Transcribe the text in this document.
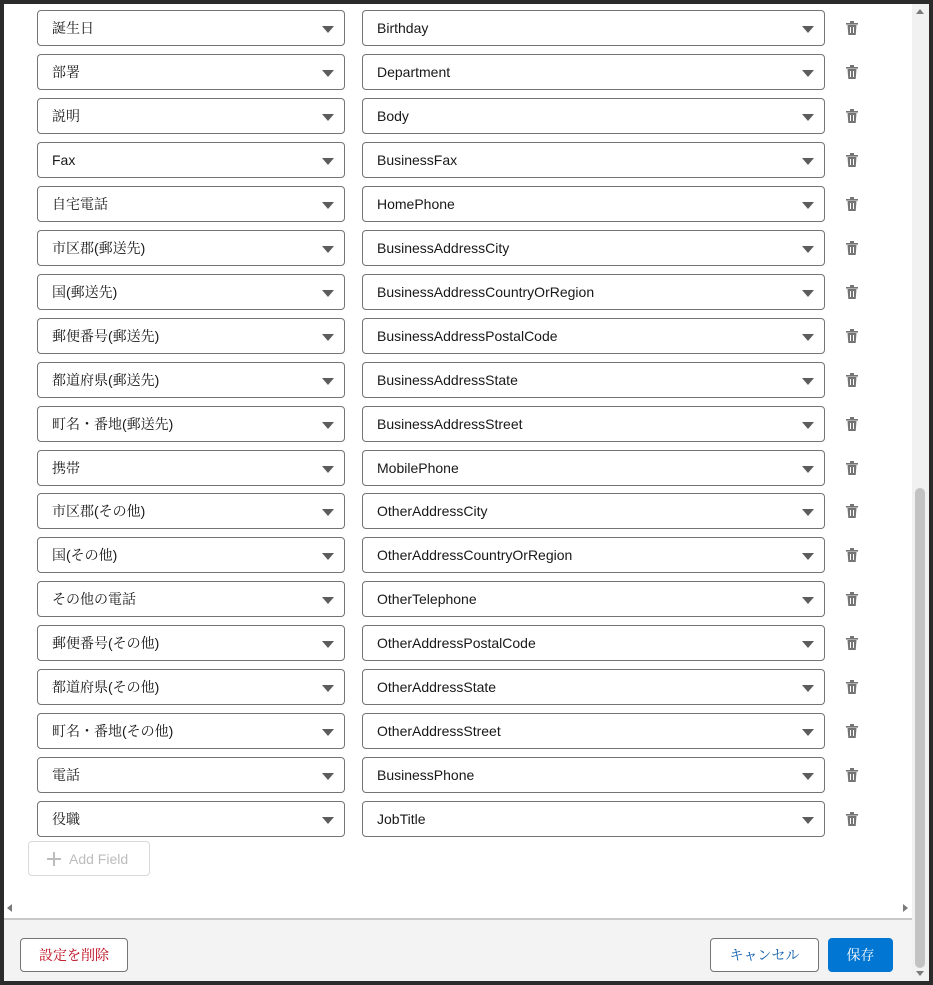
誕生日	Birthday
部署	Department
説明	Body
Fax	BusinessFax
自宅電話	HomePhone
市区郡(郵送先)	BusinessAddressCity
国(郵送先)	BusinessAddressCountryOrRegion
郵便番号(郵送先)	BusinessAddressPostalCode
都道府県(郵送先)	BusinessAddressState
町名・番地(郵送先)	BusinessAddressStreet
携帯	MobilePhone
市区郡(その他)	OtherAddressCity
国(その他)	OtherAddressCountryOrRegion
その他の電話	OtherTelephone
郵便番号(その他)	OtherAddressPostalCode
都道府県(その他)	OtherAddressState
町名・番地(その他)	OtherAddressStreet
電話	BusinessPhone
役職	JobTitle
Add Field
設定を削除	キャンセル	保存
